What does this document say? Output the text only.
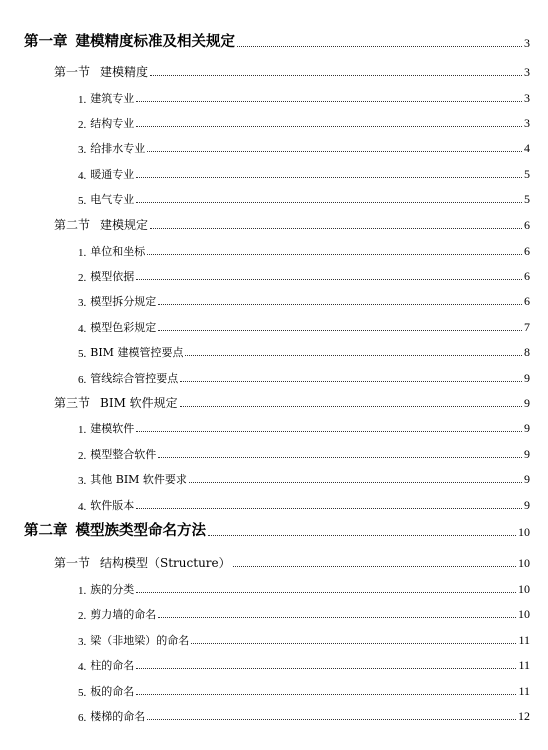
第一章 建模精度标准及相关规定	3
第一节 建模精度	3
1. 建筑专业	3
2. 结构专业	3
3. 给排水专业	4
4. 暖通专业	5
5. 电气专业	5
第二节 建模规定	6
1. 单位和坐标	6
2. 模型依据	6
3. 模型拆分规定	6
4. 模型色彩规定	7
5. BIM 建模管控要点	8
6. 管线综合管控要点	9
第三节 BIM 软件规定	9
1. 建模软件	9
2. 模型整合软件	9
3. 其他 BIM 软件要求	9
4. 软件版本	9
第二章 模型族类型命名方法	10
第一节 结构模型（Structure）	10
1. 族的分类	10
2. 剪力墙的命名	10
3. 梁（非地梁）的命名	11
4. 柱的命名	11
5. 板的命名	11
6. 楼梯的命名	12
